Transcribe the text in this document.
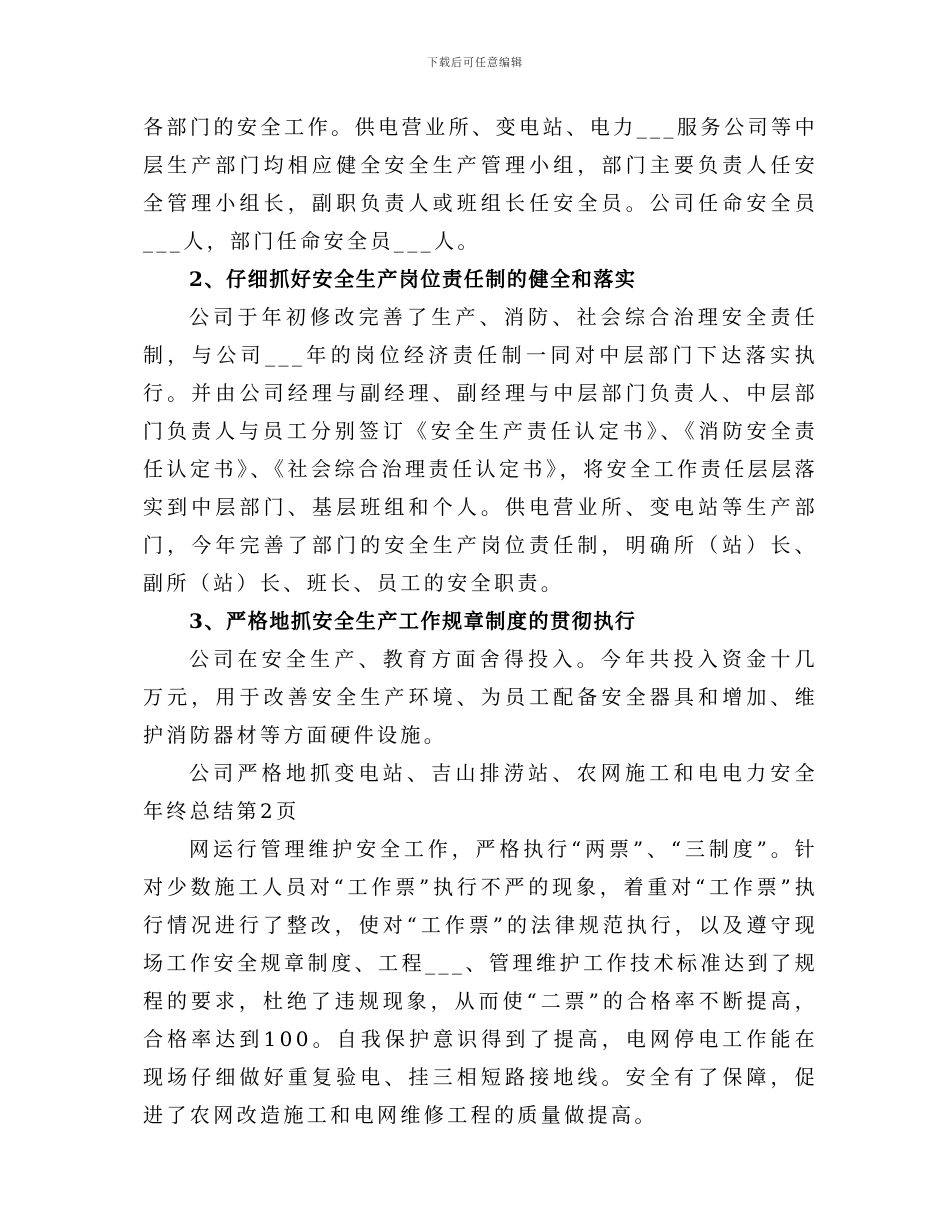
下载后可任意编辑

各部门的安全工作。供电营业所、变电站、电力___服务公司等中层生产部门均相应健全安全生产管理小组，部门主要负责人任安全管理小组长，副职负责人或班组长任安全员。公司任命安全员___人，部门任命安全员___人。

2、仔细抓好安全生产岗位责任制的健全和落实

公司于年初修改完善了生产、消防、社会综合治理安全责任制，与公司___年的岗位经济责任制一同对中层部门下达落实执行。并由公司经理与副经理、副经理与中层部门负责人、中层部门负责人与员工分别签订《安全生产责任认定书》、《消防安全责任认定书》、《社会综合治理责任认定书》，将安全工作责任层层落实到中层部门、基层班组和个人。供电营业所、变电站等生产部门，今年完善了部门的安全生产岗位责任制，明确所（站）长、副所（站）长、班长、员工的安全职责。

3、严格地抓安全生产工作规章制度的贯彻执行

公司在安全生产、教育方面舍得投入。今年共投入资金十几万元，用于改善安全生产环境、为员工配备安全器具和增加、维护消防器材等方面硬件设施。

公司严格地抓变电站、吉山排涝站、农网施工和电电力安全年终总结第2页

网运行管理维护安全工作，严格执行“两票”、“三制度”。针对少数施工人员对“工作票”执行不严的现象，着重对“工作票”执行情况进行了整改，使对“工作票”的法律规范执行，以及遵守现场工作安全规章制度、工程___、管理维护工作技术标准达到了规程的要求，杜绝了违规现象，从而使“二票”的合格率不断提高，合格率达到100。自我保护意识得到了提高，电网停电工作能在现场仔细做好重复验电、挂三相短路接地线。安全有了保障，促进了农网改造施工和电网维修工程的质量做提高。
